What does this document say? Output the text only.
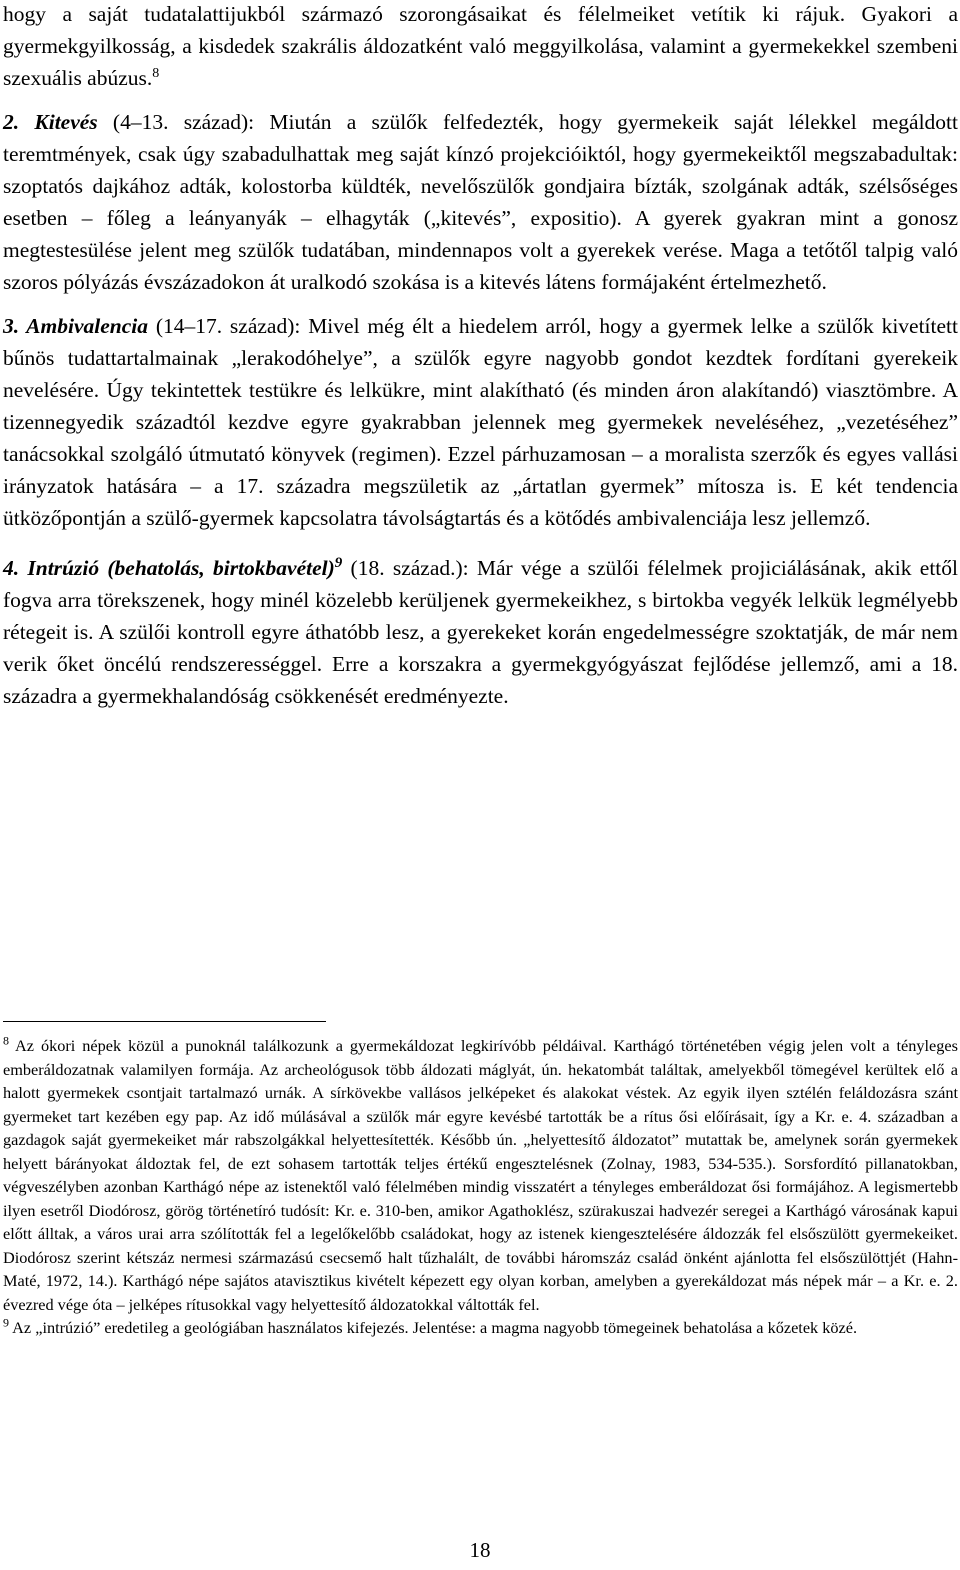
hogy a saját tudatalattijukból származó szorongásaikat és félelmeiket vetítik ki rájuk. Gyakori a gyermekgyilkosság, a kisdedek szakrális áldozatként való meggyilkolása, valamint a gyermekekkel szembeni szexuális abúzus.$^8$

2. Kitevés (4–13. század): Miután a szülők felfedezték, hogy gyermekeik saját lélekkel megáldott teremtmények, csak úgy szabadulhattak meg saját kínzó projekcióiktól, hogy gyermekeiktől megszabadultak: szoptatós dajkához adták, kolostorba küldték, nevelőszülők gondjaira bízták, szolgának adták, szélsőséges esetben – főleg a leányanyák – elhagyták („kitevés”, expositio). A gyerek gyakran mint a gonosz megtestesülése jelent meg szülők tudatában, mindennapos volt a gyerekek verése. Maga a tetőtől talpig való szoros pólyázás évszázadokon át uralkodó szokása is a kitevés látens formájaként értelmezhető.

3. Ambivalencia (14–17. század): Mivel még élt a hiedelem arról, hogy a gyermek lelke a szülők kivetített bűnös tudattartalmainak „lerakodóhelye”, a szülők egyre nagyobb gondot kezdtek fordítani gyerekeik nevelésére. Úgy tekintettek testükre és lelkükre, mint alakítható (és minden áron alakítandó) viasztömbre. A tizennegyedik századtól kezdve egyre gyakrabban jelennek meg gyermekek neveléséhez, „vezetéséhez” tanácsokkal szolgáló útmutató könyvek (regimen). Ezzel párhuzamosan – a moralista szerzők és egyes vallási irányzatok hatására – a 17. századra megszületik az „ártatlan gyermek” mítosza is. E két tendencia ütközőpontján a szülő-gyermek kapcsolatra távolságtartás és a kötődés ambivalenciája lesz jellemző.

4. Intrúzió (behatolás, birtokbavétel)$^9$ (18. század.): Már vége a szülői félelmek projiciálásának, akik ettől fogva arra törekszenek, hogy minél közelebb kerüljenek gyermekeikhez, s birtokba vegyék lelkük legmélyebb rétegeit is. A szülői kontroll egyre áthatóbb lesz, a gyerekeket korán engedelmességre szoktatják, de már nem verik őket öncélú rendszerességgel. Erre a korszakra a gyermekgyógyászat fejlődése jellemző, ami a 18. századra a gyermekhalandóság csökkenését eredményezte.

$^8$ Az ókori népek közül a punoknál találkozunk a gyermekáldozat legkirívóbb példáival. Karthágó történetében végig jelen volt a tényleges emberáldozatnak valamilyen formája. Az archeológusok több áldozati máglyát, ún. hekatombát találtak, amelyekből tömegével kerültek elő a halott gyermekek csontjait tartalmazó urnák. A sírkövekbe vallásos jelképeket és alakokat véstek. Az egyik ilyen sztélén feláldozásra szánt gyermeket tart kezében egy pap. Az idő múlásával a szülők már egyre kevésbé tartották be a rítus ősi előírásait, így a Kr. e. 4. században a gazdagok saját gyermekeiket már rabszolgákkal helyettesítették. Később ún. „helyettesítő áldozatot” mutattak be, amelynek során gyermekek helyett bárányokat áldoztak fel, de ezt sohasem tartották teljes értékű engesztelésnek (Zolnay, 1983, 534-535.). Sorsfordító pillanatokban, végveszélyben azonban Karthágó népe az istenektől való félelmében mindig visszatért a tényleges emberáldozat ősi formájához. A legismertebb ilyen esetről Diodórosz, görög történetíró tudósít: Kr. e. 310-ben, amikor Agathoklész, szürakuszai hadvezér seregei a Karthágó városának kapui előtt álltak, a város urai arra szólították fel a legelőkelőbb családokat, hogy az istenek kiengesztelésére áldozzák fel elsőszülött gyermekeiket. Diodórosz szerint kétszáz nermesi származású csecsemő halt tűzhalált, de további háromszáz család önként ajánlotta fel elsőszülöttjét (Hahn-Maté, 1972, 14.). Karthágó népe sajátos atavisztikus kivételt képezett egy olyan korban, amelyben a gyerekáldozat más népek már – a Kr. e. 2. évezred vége óta – jelképes rítusokkal vagy helyettesítő áldozatokkal váltották fel.

$^9$ Az „intrúzió” eredetileg a geológiában használatos kifejezés. Jelentése: a magma nagyobb tömegeinek behatolása a kőzetek közé.

18
